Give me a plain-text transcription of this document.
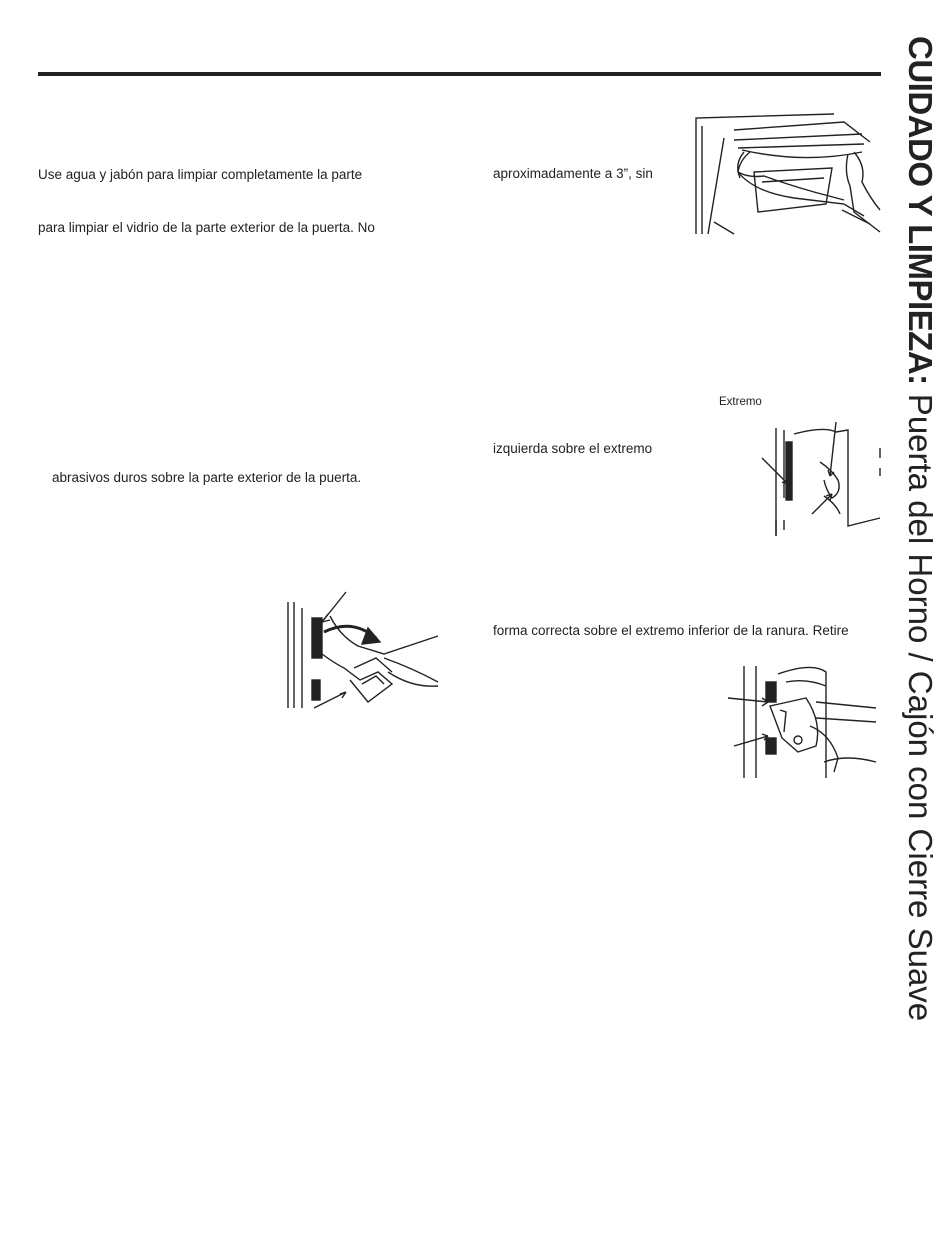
Use agua y jabón para limpiar completamente la parte
para limpiar el vidrio de la parte exterior de la puerta. No
abrasivos duros sobre la parte exterior de la puerta.
aproximadamente a 3”, sin
Extremo
izquierda sobre el extremo
forma correcta sobre el extremo inferior de la ranura. Retire
CUIDADO Y LIMPIEZA: Puerta del Horno / Cajón con Cierre Suave
